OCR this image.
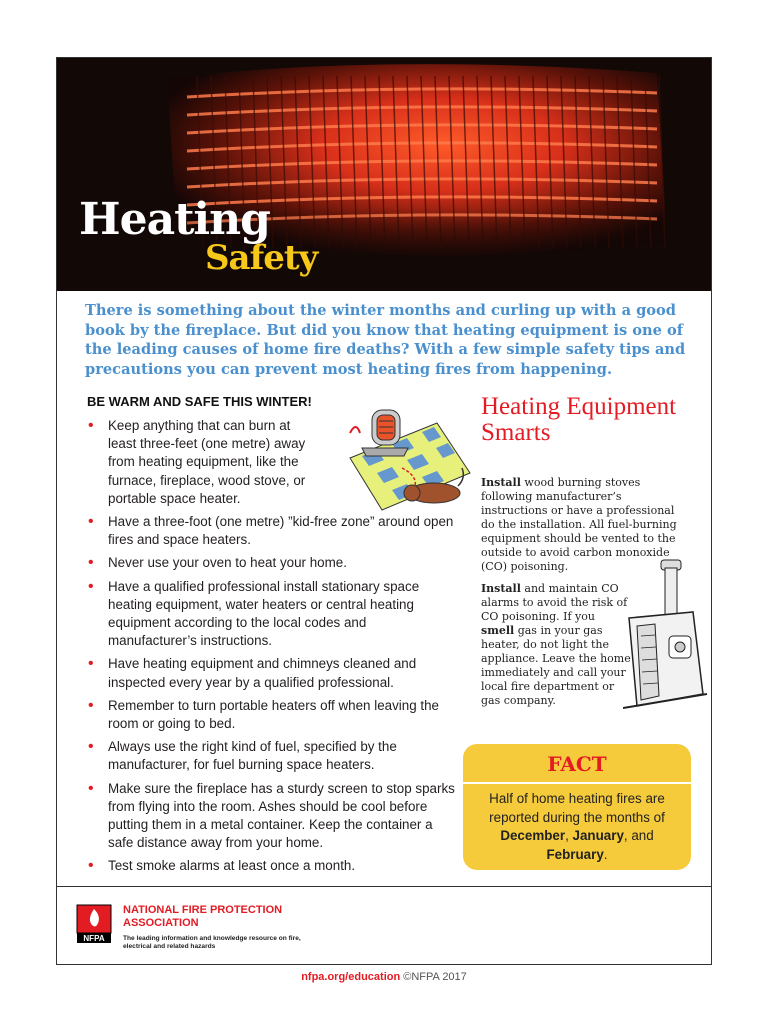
Heating
Safety
There is something about the winter months and curling up with a good book by the fireplace. But did you know that heating equipment is one of the leading causes of home fire deaths? With a few simple safety tips and precautions you can prevent most heating fires from happening.
BE WARM AND SAFE THIS WINTER!
• Keep anything that can burn at least three-feet (one metre) away from heating equipment, like the furnace, fireplace, wood stove, or portable space heater.
• Have a three-foot (one metre) ”kid-free zone” around open fires and space heaters.
• Never use your oven to heat your home.
• Have a qualified professional install stationary space heating equipment, water heaters or central heating equipment according to the local codes and manufacturer’s instructions.
• Have heating equipment and chimneys cleaned and inspected every year by a qualified professional.
• Remember to turn portable heaters off when leaving the room or going to bed.
• Always use the right kind of fuel, specified by the manufacturer, for fuel burning space heaters.
• Make sure the fireplace has a sturdy screen to stop sparks from flying into the room. Ashes should be cool before putting them in a metal container. Keep the container a safe distance away from your home.
• Test smoke alarms at least once a month.
Heating Equipment Smarts

Install wood burning stoves following manufacturer’s instructions or have a professional do the installation. All fuel-burning equipment should be vented to the outside to avoid carbon monoxide (CO) poisoning.

Install and maintain CO alarms to avoid the risk of CO poisoning. If you smell gas in your gas heater, do not light the appliance. Leave the home immediately and call your local fire department or gas company.

FACT
Half of home heating fires are reported during the months of December, January, and February.
NFPA
NATIONAL FIRE PROTECTION ASSOCIATION
The leading information and knowledge resource on fire, electrical and related hazards
nfpa.org/education ©NFPA 2017
